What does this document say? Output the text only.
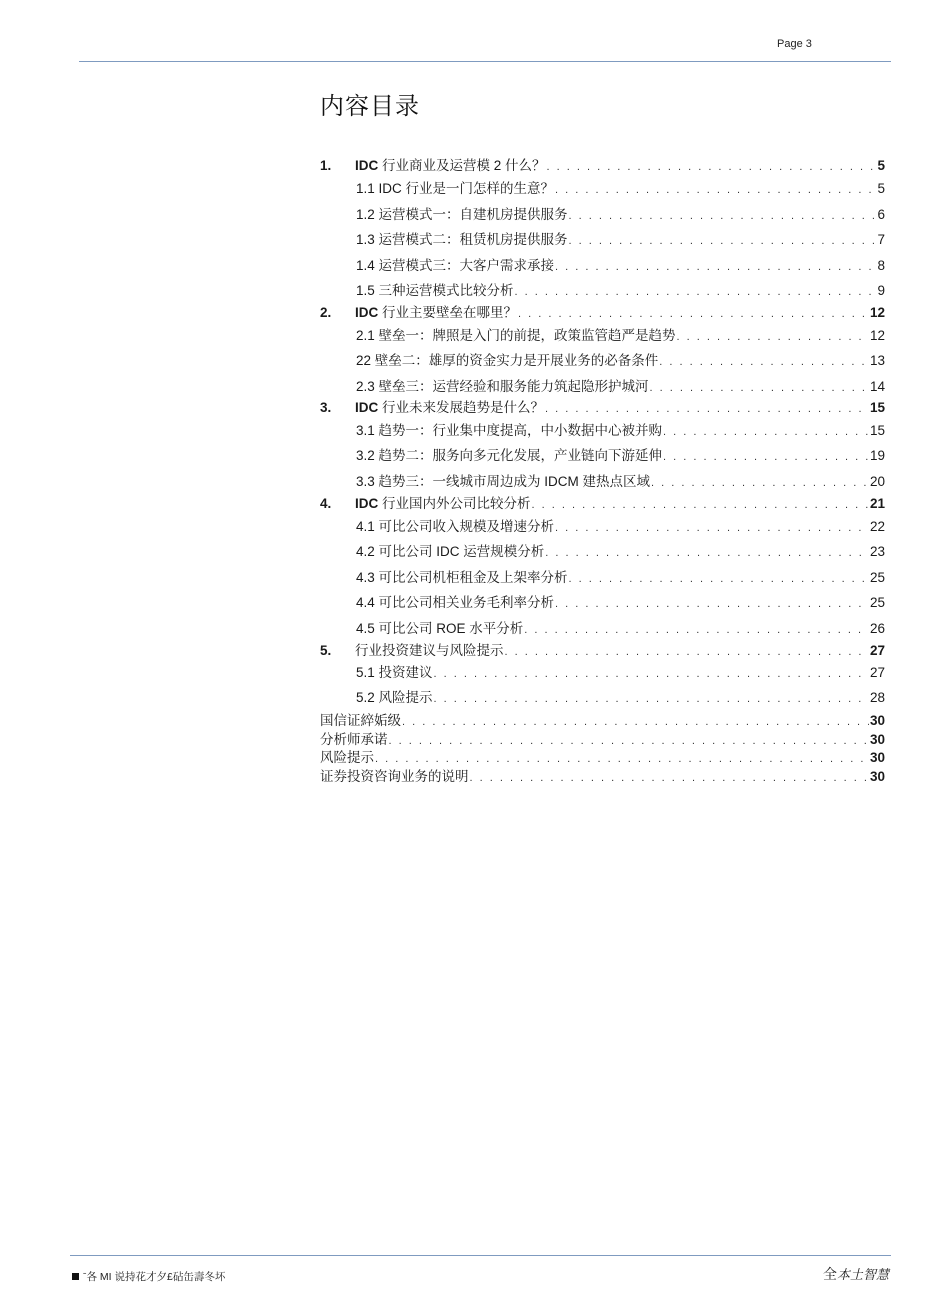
Page 3
内容目录
1.	IDC 行业商业及运营模 2 什么？ . . .	5
1.1 IDC 行业是一门怎样的生意？ . . .	5
1.2 运营模式一：自建机房提供服务 . . .	6
1.3 运营模式二：租赁机房提供服务 . . .	7
1.4 运营模式三：大客户需求承接 . . .	8
1.5 三种运营模式比较分析 . . .	9
2.	IDC 行业主要壁垒在哪里？ . . .	12
2.1 壁垒一：牌照是入门的前提，政策监管趋严是趋势 . . .	12
22 壁垒二：雄厚的资金实力是开展业务的必备条件 . . .	13
2.3 壁垒三：运营经验和服务能力筑起隐形护城河 . . .	14
3.	IDC 行业未来发展趋势是什么？ . . .	15
3.1 趋势一：行业集中度提高，中小数据中心被并购 . . .	15
3.2 趋势二：服务向多元化发展，产业链向下游延伸 . . .	19
3.3 趋势三：一线城市周边成为 IDCM 建热点区域 . . .	20
4.	IDC 行业国内外公司比较分析 . . .	21
4.1 可比公司收入规模及增速分析 . . .	22
4.2 可比公司 IDC 运营规模分析 . . .	23
4.3 可比公司机柜租金及上架率分析 . . .	25
4.4 可比公司相关业务毛利率分析 . . .	25
4.5 可比公司 ROE 水平分析 . . .	26
5.	行业投资建议与风险提示 . . .	27
5.1 投资建议 . . .	27
5.2 风险提示 . . .	28
国信证綷姤级 . . .	30
分析师承诺 . . .	30
风险提示 . . .	30
证券投资咨询业务的说明 . . .	30
ˉ各 MI 说持花才夕£砧缶壽冬坏	全本土智慧
